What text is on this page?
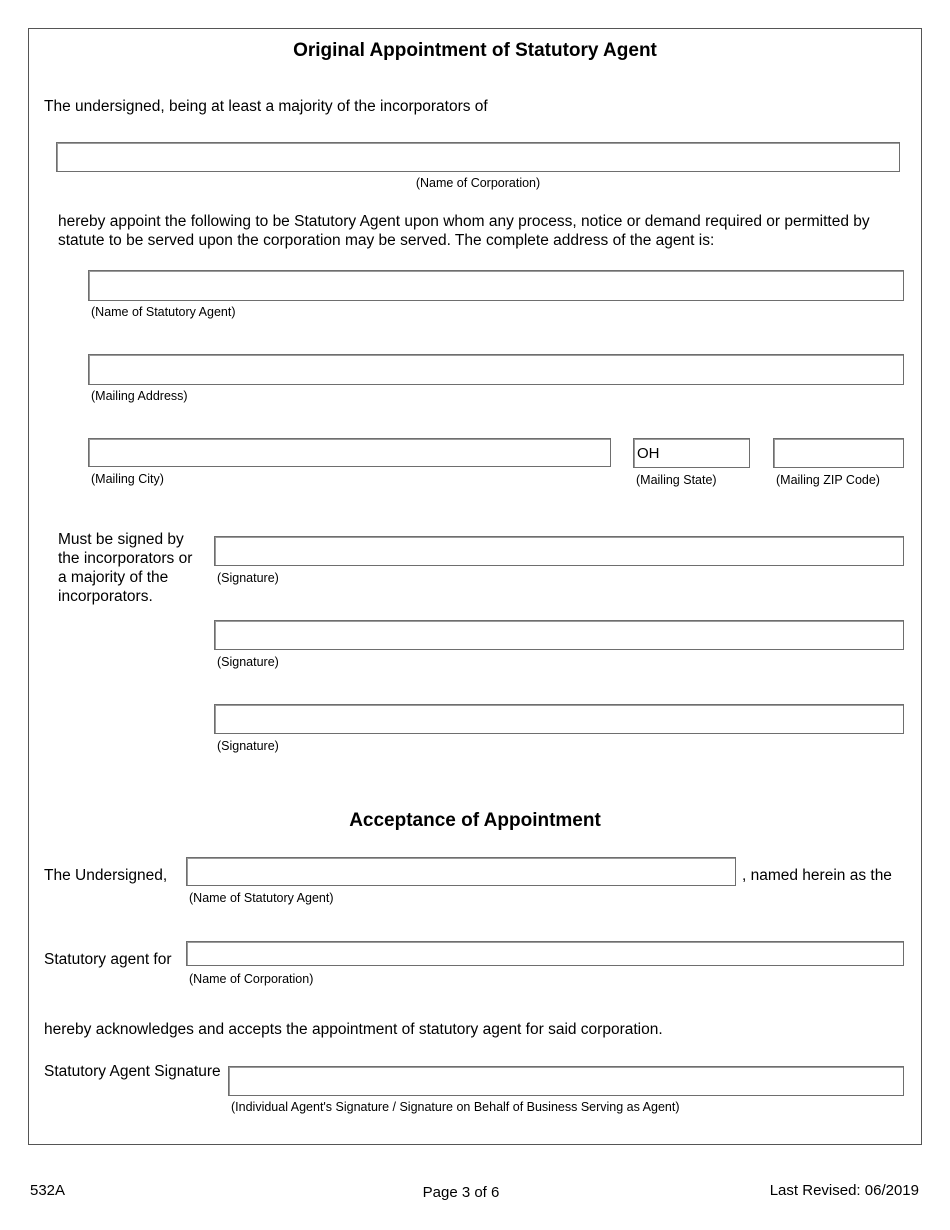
Original Appointment of Statutory Agent
The undersigned, being at least a majority of the incorporators of
(Name of Corporation)
hereby appoint the following to be Statutory Agent upon whom any process, notice or demand required or permitted by statute to be served upon the corporation may be served. The complete address of the agent is:
(Name of Statutory Agent)
(Mailing Address)
(Mailing City)
OH	(Mailing State)	(Mailing ZIP Code)
Must be signed by the incorporators or a majority of the incorporators.
(Signature)
(Signature)
(Signature)
Acceptance of Appointment
The Undersigned,	, named herein as the
(Name of Statutory Agent)
Statutory agent for
(Name of Corporation)
hereby acknowledges and accepts the appointment of statutory agent for said corporation.
Statutory Agent Signature
(Individual Agent's Signature / Signature on Behalf of Business Serving as Agent)
532A	Page 3 of 6	Last Revised: 06/2019
